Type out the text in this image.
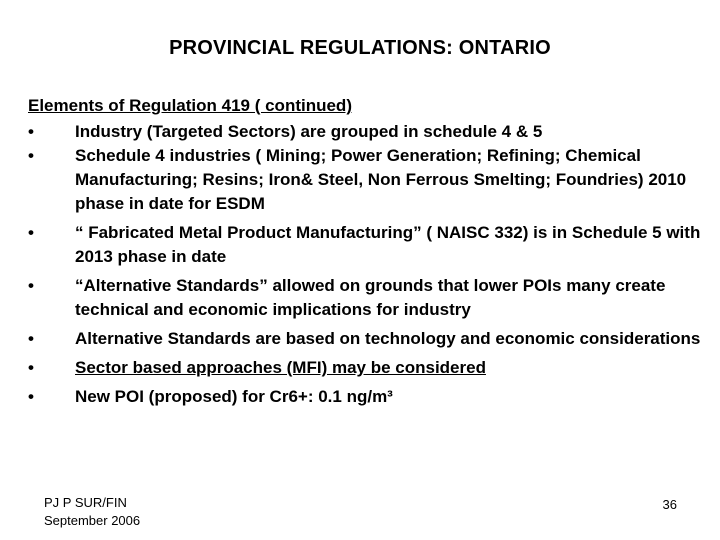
PROVINCIAL REGULATIONS: ONTARIO
Elements of Regulation 419 ( continued)
•	Industry (Targeted Sectors) are grouped in schedule 4 & 5
•	Schedule 4 industries ( Mining; Power Generation; Refining; Chemical Manufacturing; Resins; Iron& Steel, Non Ferrous Smelting; Foundries) 2010 phase in date for ESDM
•	“ Fabricated Metal Product Manufacturing” ( NAISC 332) is in Schedule 5 with 2013 phase in date
•	“Alternative Standards” allowed on grounds that lower POIs many create technical and economic implications for industry
•	Alternative Standards are based on technology and economic considerations
•	Sector based approaches (MFI) may be considered
•	New POI (proposed) for Cr6+: 0.1 ng/m³
PJ P SUR/FIN
September 2006
36
